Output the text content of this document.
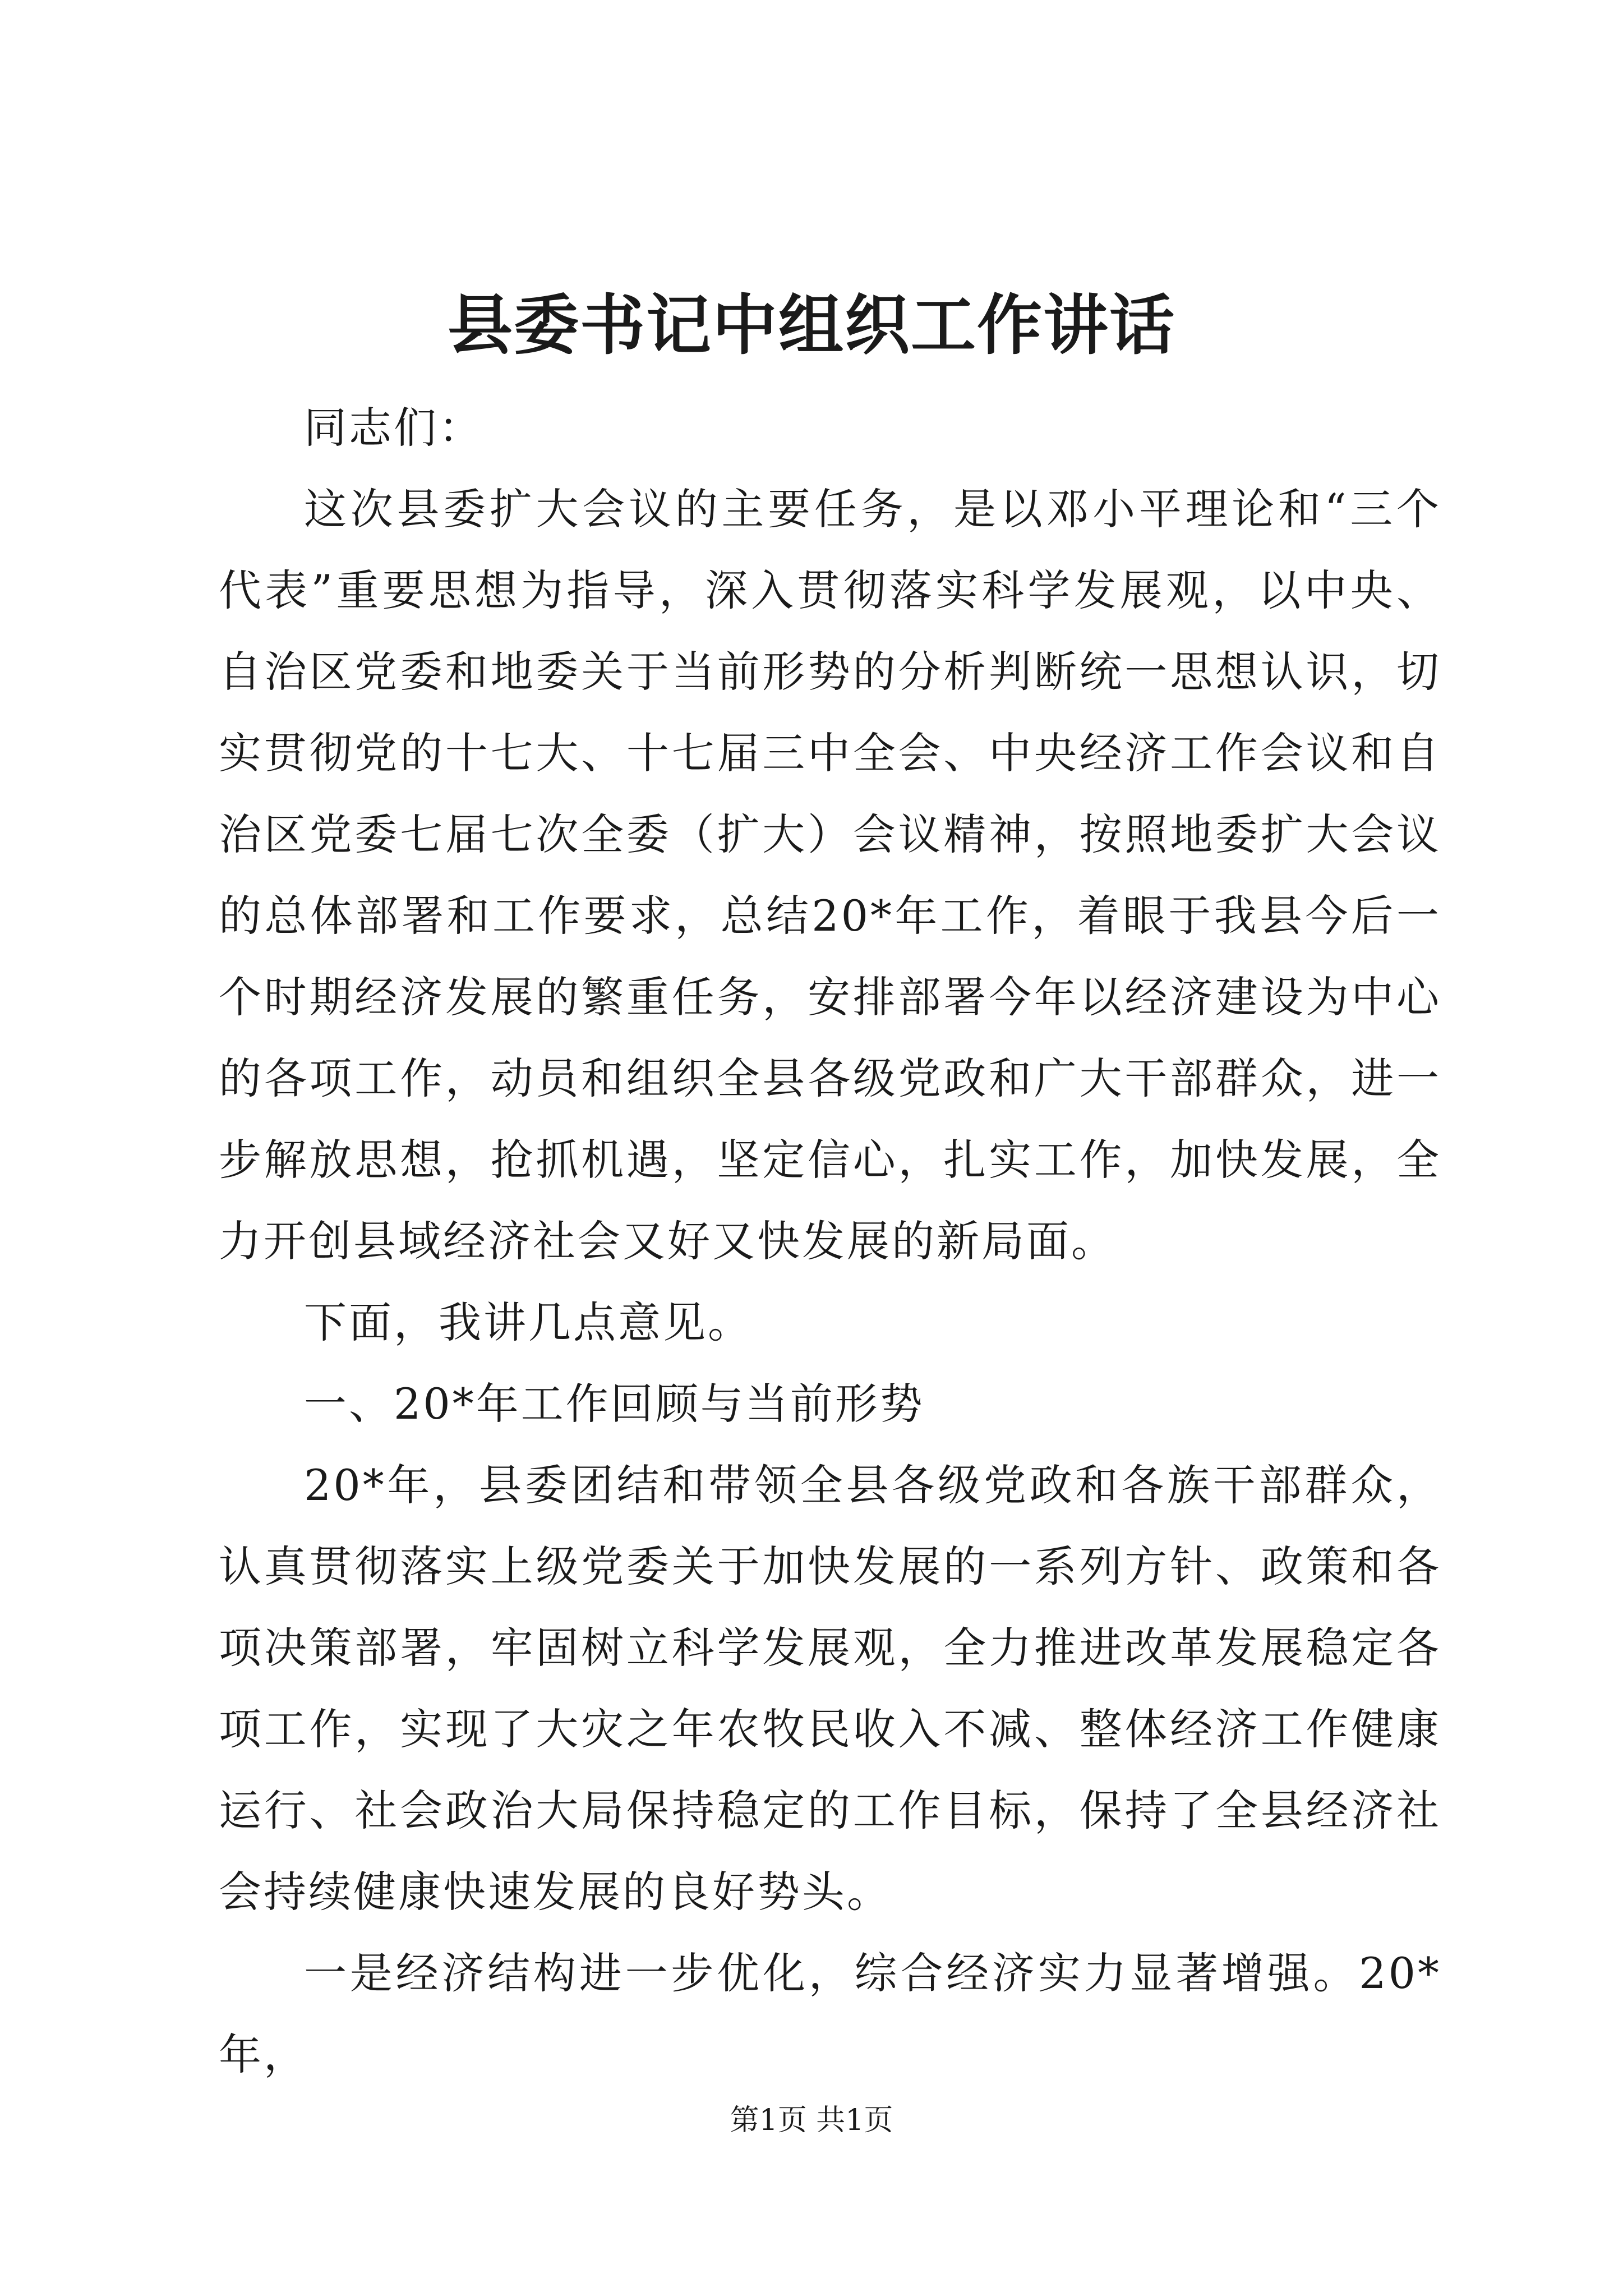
县委书记中组织工作讲话

同志们：

这次县委扩大会议的主要任务，是以邓小平理论和“三个代表”重要思想为指导，深入贯彻落实科学发展观，以中央、自治区党委和地委关于当前形势的分析判断统一思想认识，切实贯彻党的十七大、十七届三中全会、中央经济工作会议和自治区党委七届七次全委（扩大）会议精神，按照地委扩大会议的总体部署和工作要求，总结20*年工作，着眼于我县今后一个时期经济发展的繁重任务，安排部署今年以经济建设为中心的各项工作，动员和组织全县各级党政和广大干部群众，进一步解放思想，抢抓机遇，坚定信心，扎实工作，加快发展，全力开创县域经济社会又好又快发展的新局面。

下面，我讲几点意见。

一、20*年工作回顾与当前形势

20*年，县委团结和带领全县各级党政和各族干部群众，认真贯彻落实上级党委关于加快发展的一系列方针、政策和各项决策部署，牢固树立科学发展观，全力推进改革发展稳定各项工作，实现了大灾之年农牧民收入不减、整体经济工作健康运行、社会政治大局保持稳定的工作目标，保持了全县经济社会持续健康快速发展的良好势头。

一是经济结构进一步优化，综合经济实力显著增强。20*年，

第1页 共1页
